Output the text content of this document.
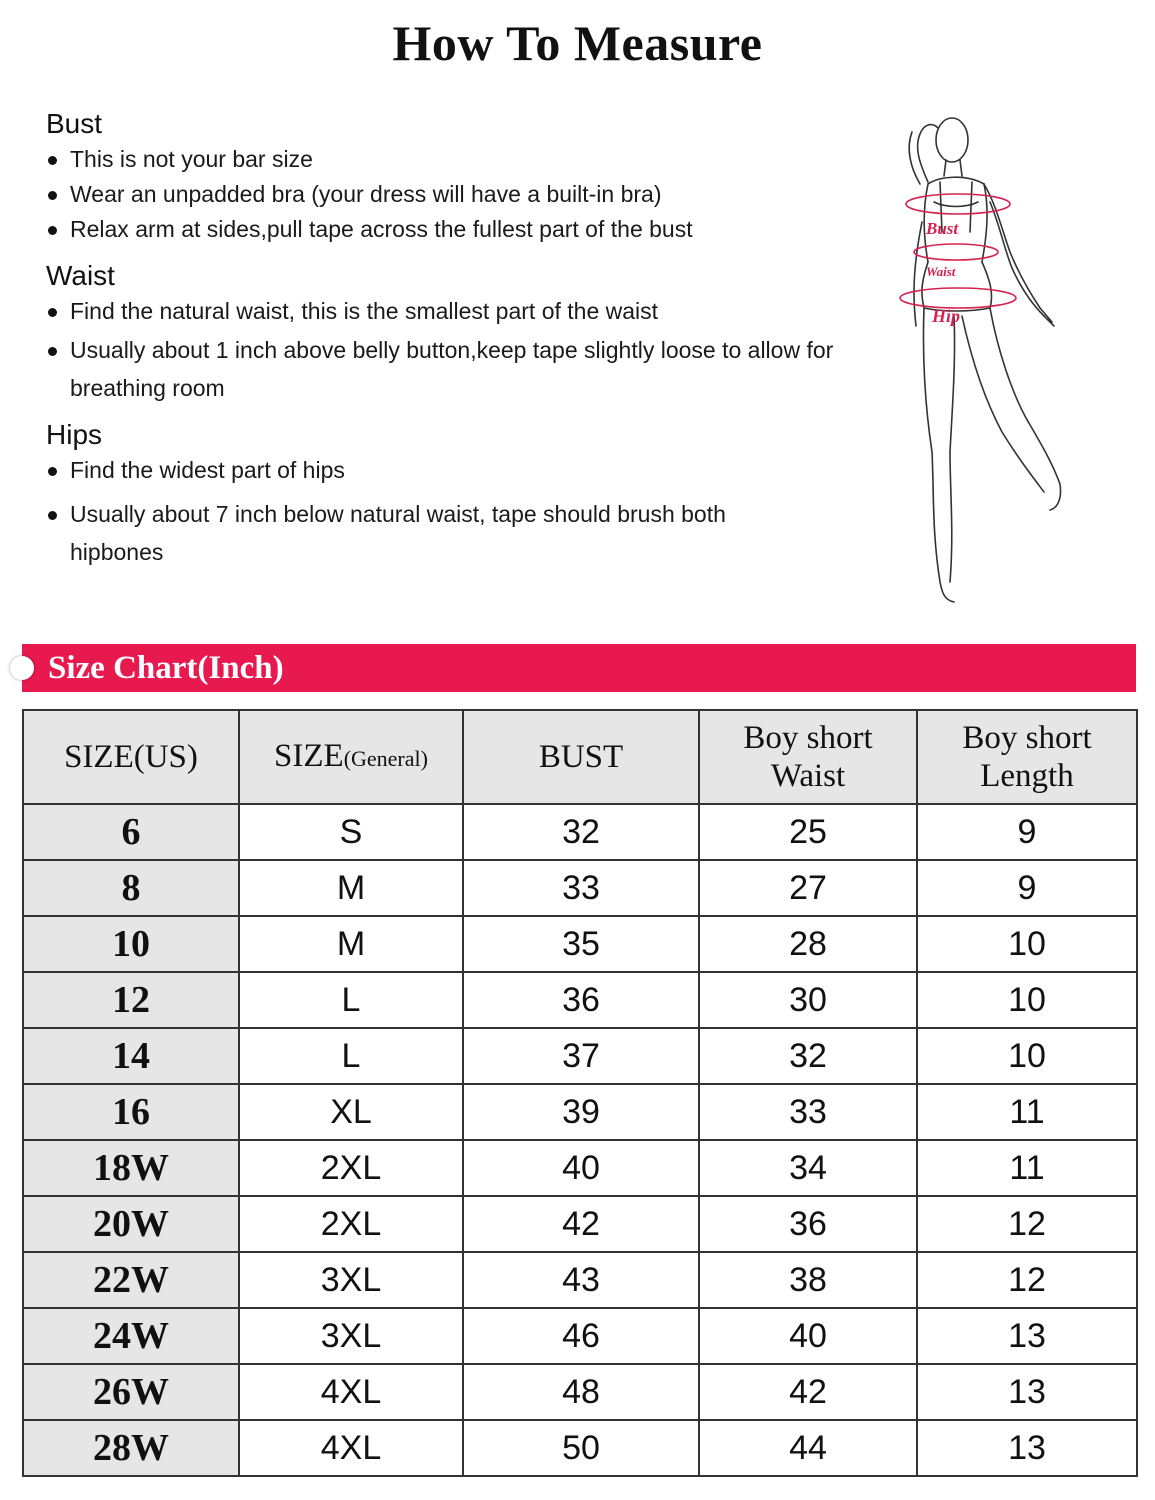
How To Measure
Bust
This is not your bar size
Wear an unpadded bra (your dress will have a built-in bra)
Relax arm at sides,pull tape across the fullest part of the bust
Waist
Find the natural waist, this is the smallest part of the waist
Usually about 1 inch above belly button,keep tape slightly loose to allow for breathing room
Hips
Find the widest part of hips
Usually about 7 inch below natural waist, tape should brush both hipbones
Bust
Waist
Hip
Size Chart(Inch)
SIZE(US)	SIZE(General)	BUST	Boy short Waist	Boy short Length
6	S	32	25	9
8	M	33	27	9
10	M	35	28	10
12	L	36	30	10
14	L	37	32	10
16	XL	39	33	11
18W	2XL	40	34	11
20W	2XL	42	36	12
22W	3XL	43	38	12
24W	3XL	46	40	13
26W	4XL	48	42	13
28W	4XL	50	44	13
